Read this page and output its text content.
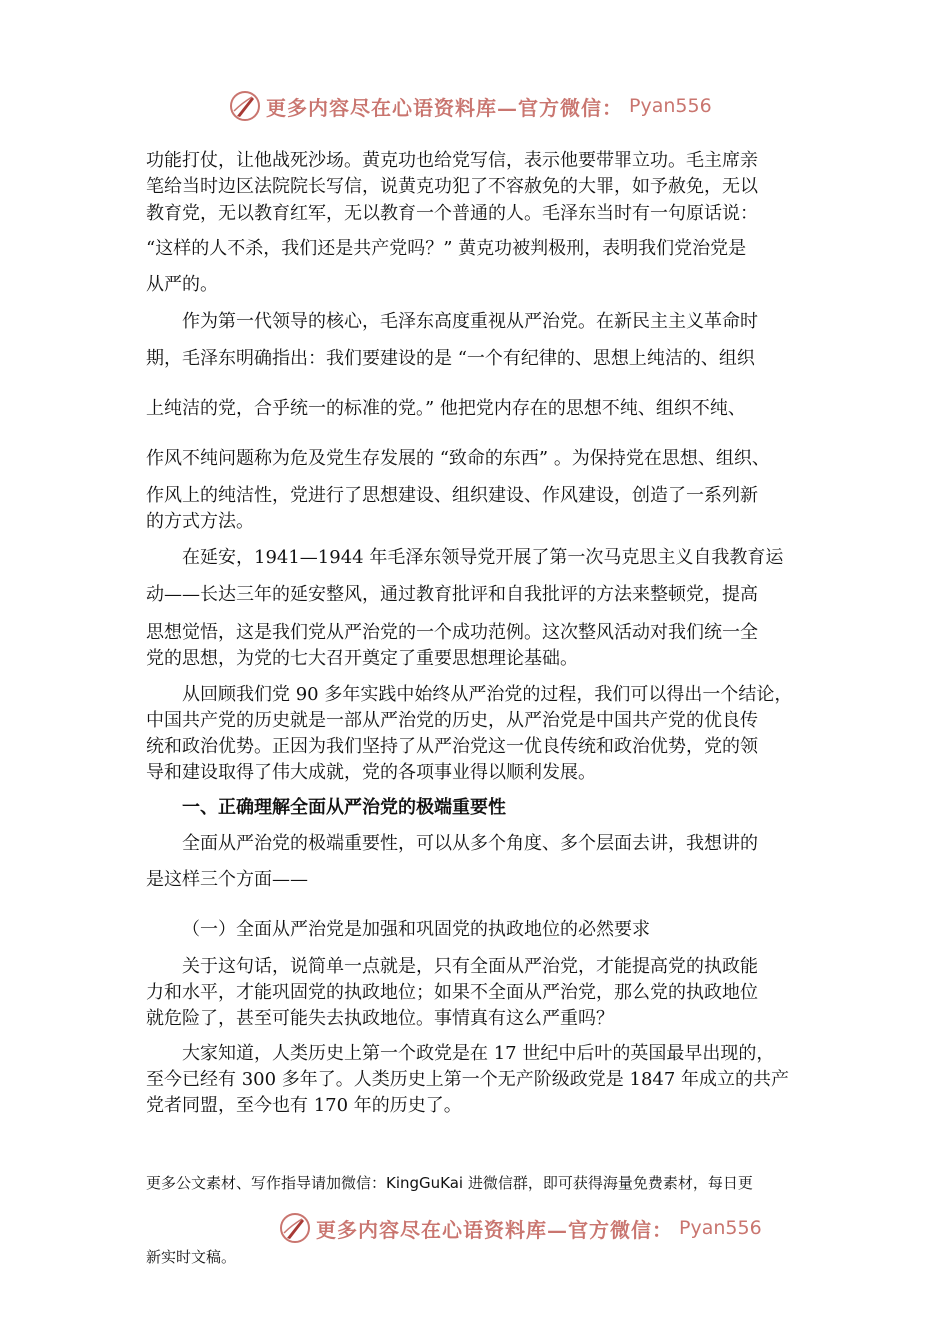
更多内容尽在心语资料库—官方微信： Pyan556
功能打仗，让他战死沙场。黄克功也给党写信，表示他要带罪立功。毛主席亲
笔给当时边区法院院长写信，说黄克功犯了不容赦免的大罪，如予赦免，无以
教育党，无以教育红军，无以教育一个普通的人。毛泽东当时有一句原话说：
“这样的人不杀，我们还是共产党吗？” 黄克功被判极刑，表明我们党治党是
从严的。
作为第一代领导的核心，毛泽东高度重视从严治党。在新民主主义革命时
期，毛泽东明确指出：我们要建设的是 “一个有纪律的、思想上纯洁的、组织
上纯洁的党，合乎统一的标准的党。” 他把党内存在的思想不纯、组织不纯、
作风不纯问题称为危及党生存发展的 “致命的东西” 。为保持党在思想、组织、
作风上的纯洁性，党进行了思想建设、组织建设、作风建设，创造了一系列新
的方式方法。
在延安，1941—1944 年毛泽东领导党开展了第一次马克思主义自我教育运
动——长达三年的延安整风，通过教育批评和自我批评的方法来整顿党，提高
思想觉悟，这是我们党从严治党的一个成功范例。这次整风活动对我们统一全
党的思想，为党的七大召开奠定了重要思想理论基础。
从回顾我们党 90 多年实践中始终从严治党的过程，我们可以得出一个结论，
中国共产党的历史就是一部从严治党的历史，从严治党是中国共产党的优良传
统和政治优势。正因为我们坚持了从严治党这一优良传统和政治优势，党的领
导和建设取得了伟大成就，党的各项事业得以顺利发展。
一、正确理解全面从严治党的极端重要性
全面从严治党的极端重要性，可以从多个角度、多个层面去讲，我想讲的
是这样三个方面——
（一）全面从严治党是加强和巩固党的执政地位的必然要求
关于这句话，说简单一点就是，只有全面从严治党，才能提高党的执政能
力和水平，才能巩固党的执政地位；如果不全面从严治党，那么党的执政地位
就危险了，甚至可能失去执政地位。事情真有这么严重吗？
大家知道，人类历史上第一个政党是在 17 世纪中后叶的英国最早出现的，
至今已经有 300 多年了。人类历史上第一个无产阶级政党是 1847 年成立的共产
党者同盟，至今也有 170 年的历史了。
更多公文素材、写作指导请加微信：KingGuKai 进微信群，即可获得海量免费素材，每日更
更多内容尽在心语资料库—官方微信： Pyan556
新实时文稿。
